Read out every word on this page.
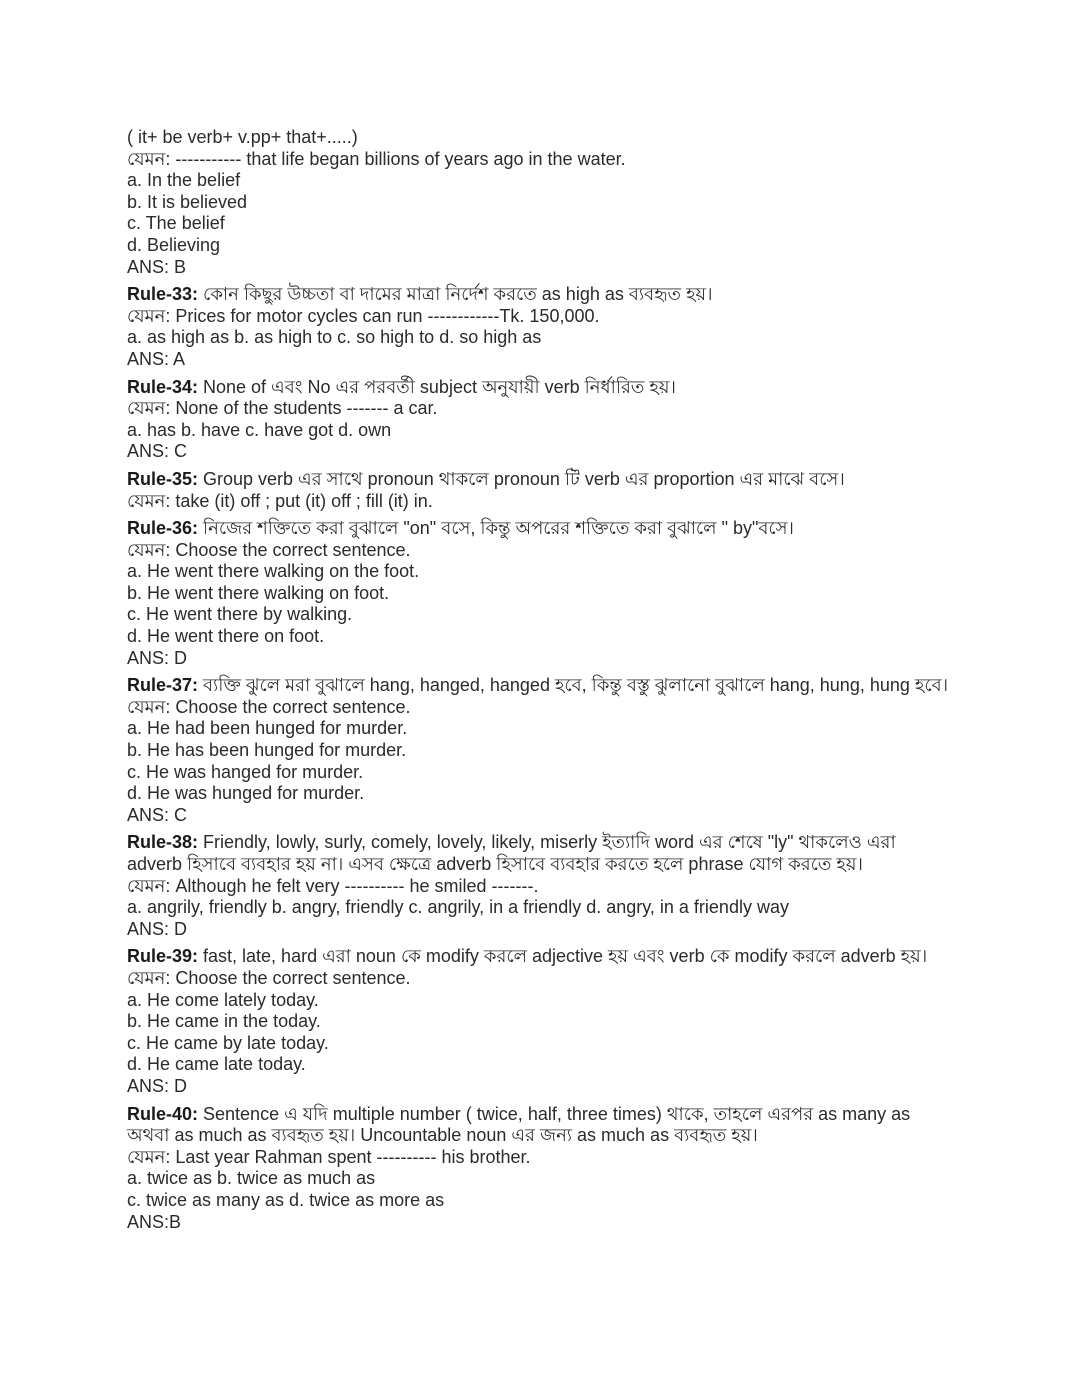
( it+ be verb+ v.pp+ that+.....)

যেমন: ----------- that life began billions of years ago in the water.

a. In the belief

b. It is believed

c. The belief

d. Believing

ANS: B

Rule-33: কোন কিছুর উচ্চতা বা দামের মাত্রা নির্দেশ করতে as high as ব্যবহৃত হয়।

যেমন: Prices for motor cycles can run ------------Tk. 150,000.

a. as high as b. as high to c. so high to d. so high as

ANS: A

Rule-34: None of এবং No এর পরবর্তী subject অনুযায়ী verb নির্ধারিত হয়।

যেমন: None of the students ------- a car.

a. has b. have c. have got d. own

ANS: C

Rule-35: Group verb এর সাথে pronoun থাকলে pronoun টি verb এর proportion এর মাঝে বসে।

যেমন: take (it) off ; put (it) off ; fill (it) in.

Rule-36: নিজের শক্তিতে করা বুঝালে "on" বসে, কিন্তু অপরের শক্তিতে করা বুঝালে " by"বসে।

যেমন: Choose the correct sentence.

a. He went there walking on the foot.

b. He went there walking on foot.

c. He went there by walking.

d. He went there on foot.

ANS: D

Rule-37: ব্যক্তি ঝুলে মরা বুঝালে hang, hanged, hanged হবে, কিন্তু বস্তু ঝুলানো বুঝালে hang, hung, hung হবে।

যেমন: Choose the correct sentence.

a. He had been hunged for murder.

b. He has been hunged for murder.

c. He was hanged for murder.

d. He was hunged for murder.

ANS: C

Rule-38: Friendly, lowly, surly, comely, lovely, likely, miserly ইত্যাদি word এর শেষে "ly" থাকলেও এরা

adverb হিসাবে ব্যবহার হয় না। এসব ক্ষেত্রে adverb হিসাবে ব্যবহার করতে হলে phrase যোগ করতে হয়।

যেমন: Although he felt very ---------- he smiled -------.

a. angrily, friendly b. angry, friendly c. angrily, in a friendly d. angry, in a friendly way

ANS: D

Rule-39: fast, late, hard এরা noun কে modify করলে adjective হয় এবং verb কে modify করলে adverb হয়।

যেমন: Choose the correct sentence.

a. He come lately today.

b. He came in the today.

c. He came by late today.

d. He came late today.

ANS: D

Rule-40: Sentence এ যদি multiple number ( twice, half, three times) থাকে, তাহলে এরপর as many as

অথবা as much as ব্যবহৃত হয়। Uncountable noun এর জন্য as much as ব্যবহৃত হয়।

যেমন: Last year Rahman spent ---------- his brother.

a. twice as b. twice as much as

c. twice as many as d. twice as more as

ANS:B
